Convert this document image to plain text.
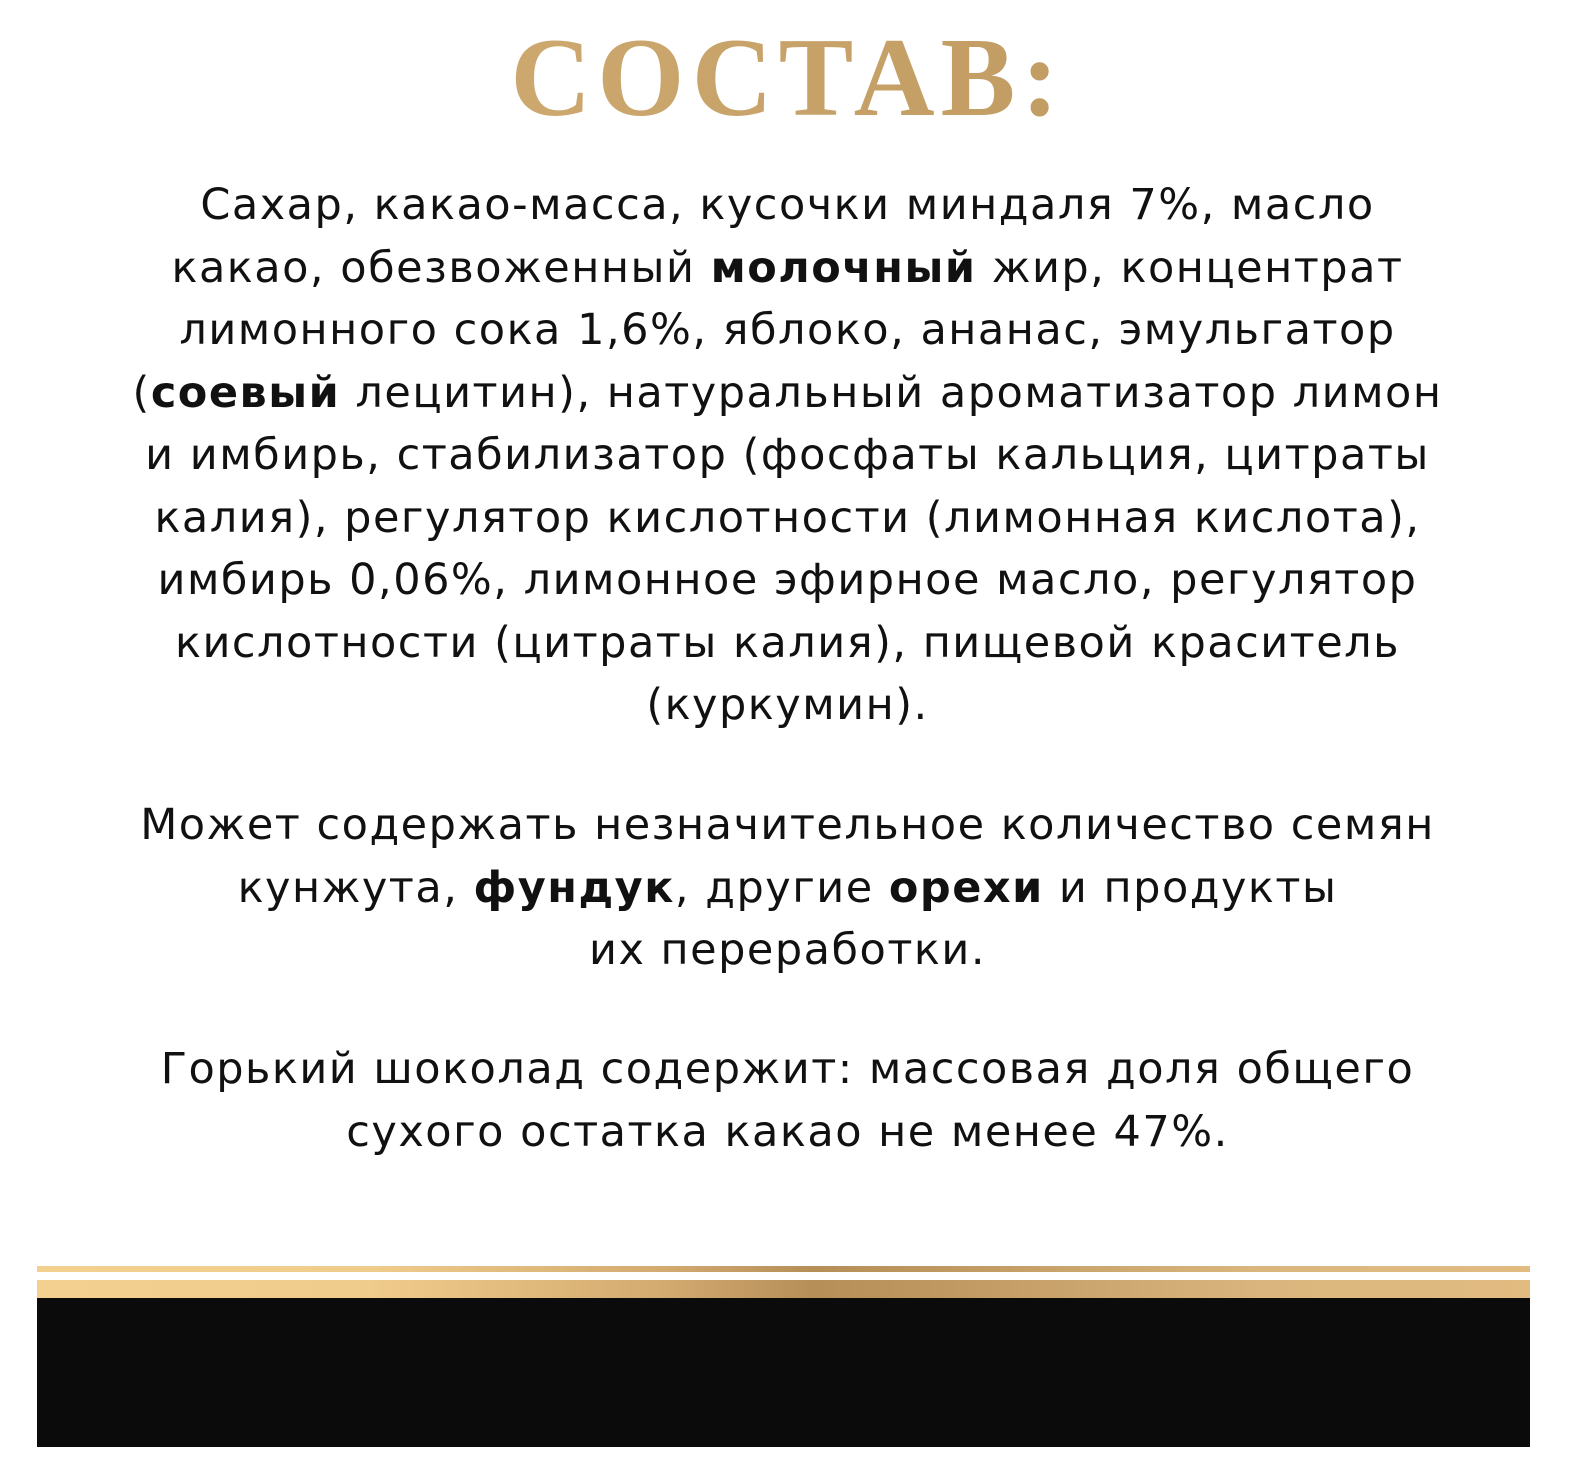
СОСТАВ:
Сахар, какао-масса, кусочки миндаля 7%, масло
какао, обезвоженный молочный жир, концентрат
лимонного сока 1,6%, яблоко, ананас, эмульгатор
(соевый лецитин), натуральный ароматизатор лимон
и имбирь, стабилизатор (фосфаты кальция, цитраты
калия), регулятор кислотности (лимонная кислота),
имбирь 0,06%, лимонное эфирное масло, регулятор
кислотности (цитраты калия), пищевой краситель
(куркумин).
Может содержать незначительное количество семян
кунжута, фундук, другие орехи и продукты
их переработки.
Горький шоколад содержит: массовая доля общего
сухого остатка какао не менее 47%.
